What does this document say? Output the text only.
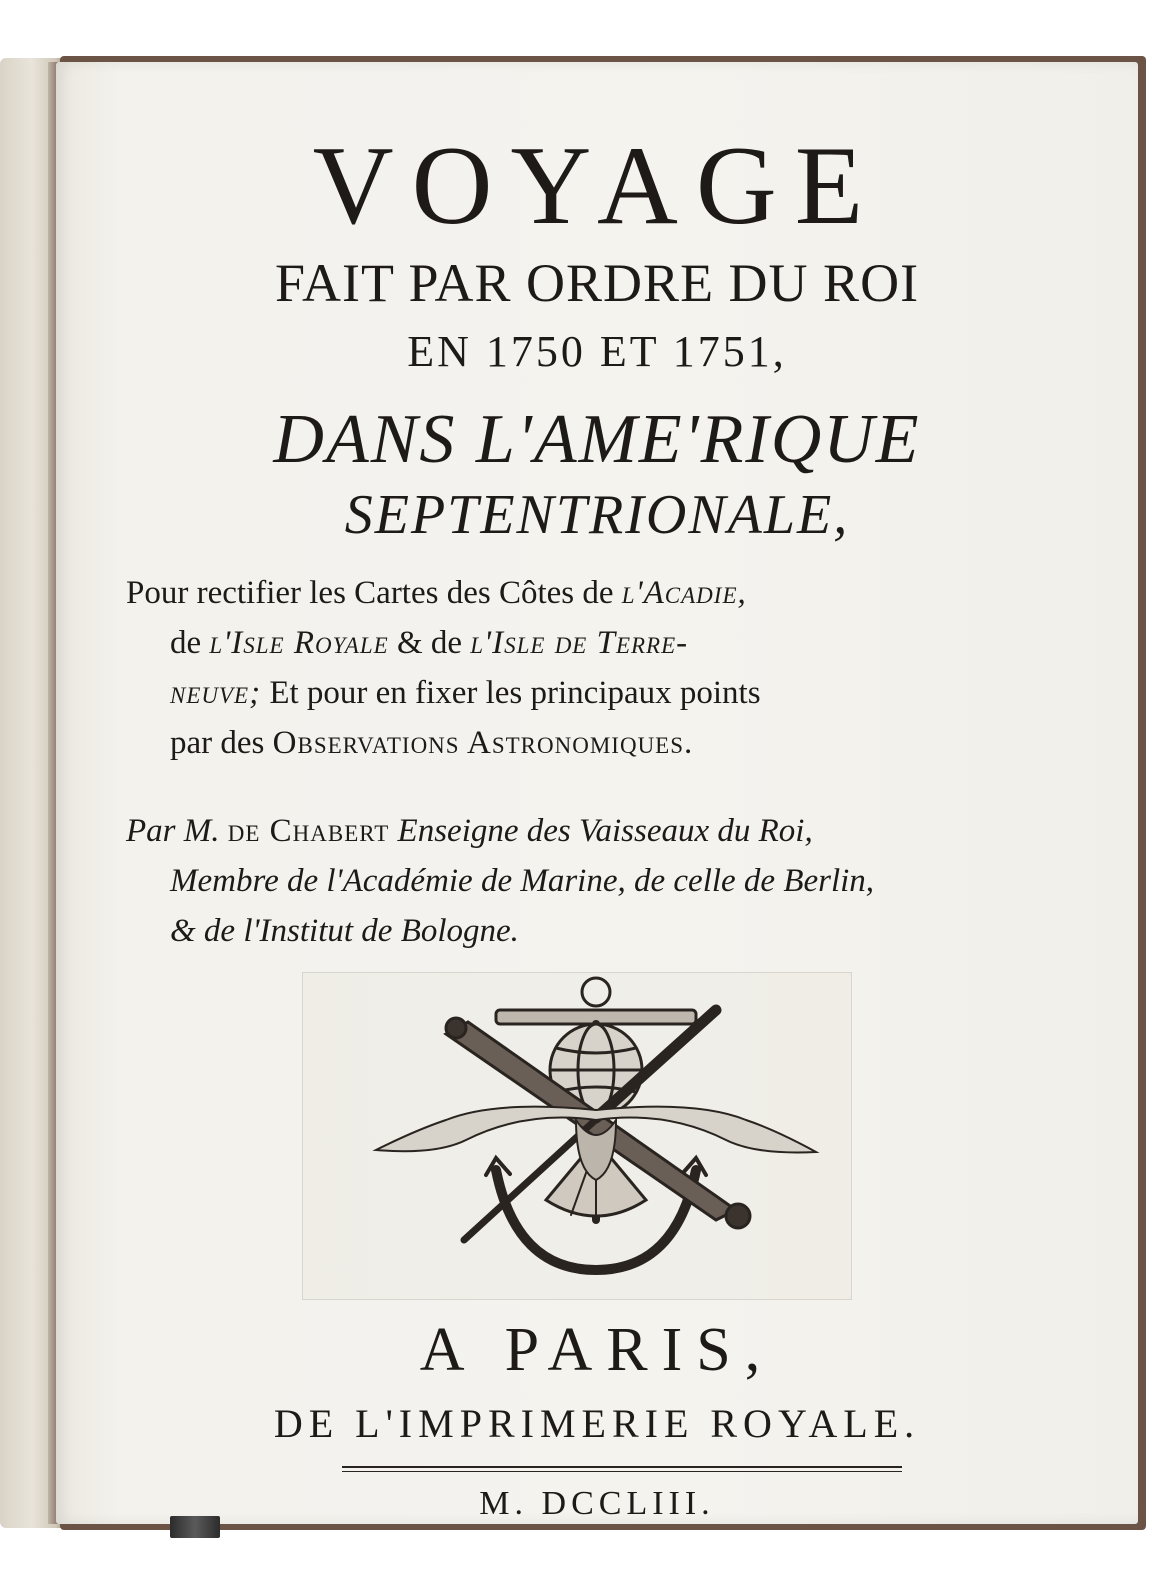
VOYAGE
FAIT PAR ORDRE DU ROI
EN 1750 ET 1751,
DANS L'AME'RIQUE
SEPTENTRIONALE,
Pour rectifier les Cartes des Côtes de l'Acadie,
de l'Isle Royale & de l'Isle de Terre-
neuve; Et pour en fixer les principaux points
par des Observations Astronomiques.
Par M. de Chabert Enseigne des Vaisseaux du Roi,
Membre de l'Académie de Marine, de celle de Berlin,
& de l'Institut de Bologne.
A PARIS,
DE L'IMPRIMERIE ROYALE.
M. DCCLIII.
